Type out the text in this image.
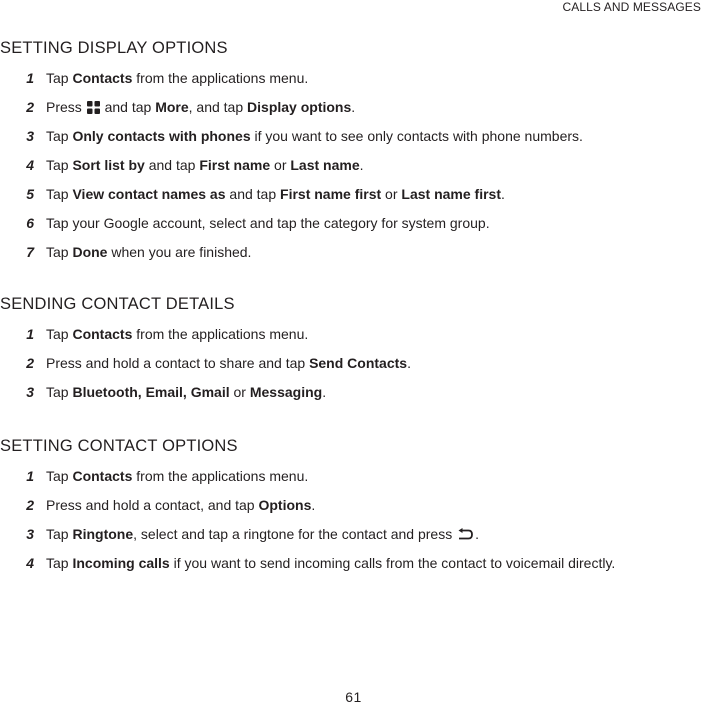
CALLS AND MESSAGES
SETTING DISPLAY OPTIONS
1 Tap Contacts from the applications menu.
2 Press  and tap More, and tap Display options.
3 Tap Only contacts with phones if you want to see only contacts with phone numbers.
4 Tap Sort list by and tap First name or Last name.
5 Tap View contact names as and tap First name first or Last name first.
6 Tap your Google account, select and tap the category for system group.
7 Tap Done when you are finished.
SENDING CONTACT DETAILS
1 Tap Contacts from the applications menu.
2 Press and hold a contact to share and tap Send Contacts.
3 Tap Bluetooth, Email, Gmail or Messaging.
SETTING CONTACT OPTIONS
1 Tap Contacts from the applications menu.
2 Press and hold a contact, and tap Options.
3 Tap Ringtone, select and tap a ringtone for the contact and press .
4 Tap Incoming calls if you want to send incoming calls from the contact to voicemail directly.
61
